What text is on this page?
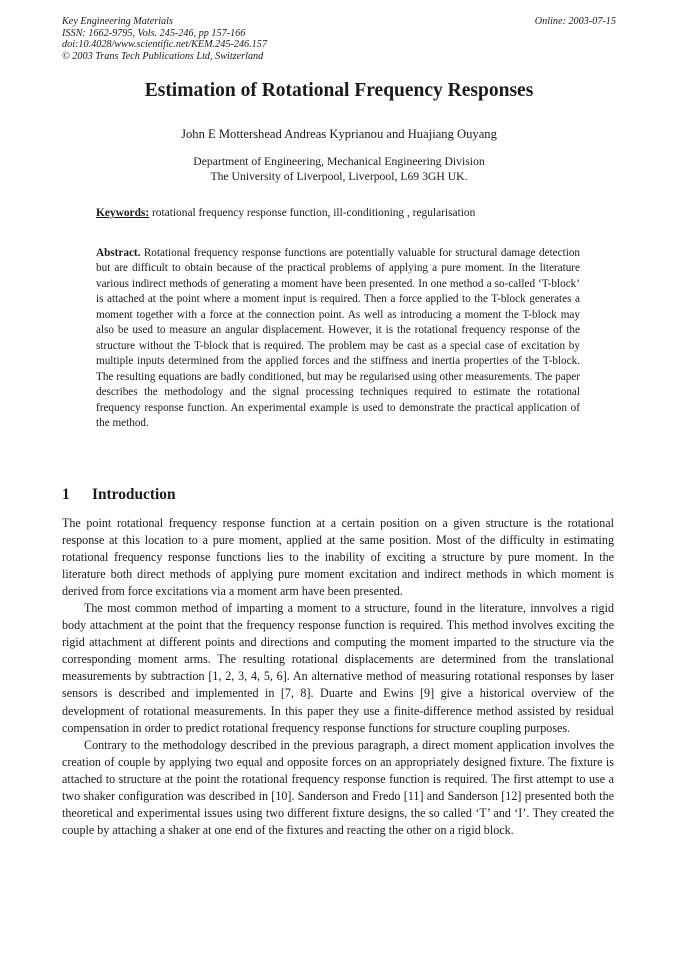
Key Engineering Materials
ISSN: 1662-9795, Vols. 245-246, pp 157-166
doi:10.4028/www.scientific.net/KEM.245-246.157
© 2003 Trans Tech Publications Ltd, Switzerland
Online: 2003-07-15
Estimation of Rotational Frequency Responses
John E Mottershead Andreas Kyprianou and Huajiang Ouyang
Department of Engineering, Mechanical Engineering Division
The University of Liverpool, Liverpool, L69 3GH UK.
Keywords: rotational frequency response function, ill-conditioning , regularisation
Abstract. Rotational frequency response functions are potentially valuable for structural damage detection but are difficult to obtain because of the practical problems of applying a pure moment. In the literature various indirect methods of generating a moment have been presented. In one method a so-called ‘T-block’ is attached at the point where a moment input is required. Then a force applied to the T-block generates a moment together with a force at the connection point. As well as introducing a moment the T-block may also be used to measure an angular displacement. However, it is the rotational frequency response of the structure without the T-block that is required. The problem may be cast as a special case of excitation by multiple inputs determined from the applied forces and the stiffness and inertia properties of the T-block. The resulting equations are badly conditioned, but may be regularised using other measurements. The paper describes the methodology and the signal processing techniques required to estimate the rotational frequency response function. An experimental example is used to demonstrate the practical application of the method.
1 Introduction

The point rotational frequency response function at a certain position on a given structure is the rotational response at this location to a pure moment, applied at the same position. Most of the difficulty in estimating rotational frequency response functions lies to the inability of exciting a structure by pure moment. In the literature both direct methods of applying pure moment excitation and indirect methods in which moment is derived from force excitations via a moment arm have been presented.

The most common method of imparting a moment to a structure, found in the literature, innvolves a rigid body attachment at the point that the frequency response function is required. This method involves exciting the rigid attachment at different points and directions and computing the moment imparted to the structure via the corresponding moment arms. The resulting rotational displacements are determined from the translational measurements by subtraction [1, 2, 3, 4, 5, 6]. An alternative method of measuring rotational responses by laser sensors is described and implemented in [7, 8]. Duarte and Ewins [9] give a historical overview of the development of rotational measurements. In this paper they use a finite-difference method assisted by residual compensation in order to predict rotational frequency response functions for structure coupling purposes.

Contrary to the methodology described in the previous paragraph, a direct moment application involves the creation of couple by applying two equal and opposite forces on an appropriately designed fixture. The fixture is attached to structure at the point the rotational frequency response function is required. The first attempt to use a two shaker configuration was described in [10]. Sanderson and Fredo [11] and Sanderson [12] presented both the theoretical and experimental issues using two different fixture designs, the so called ‘T’ and ‘I’. They created the couple by attaching a shaker at one end of the fixtures and reacting the other on a rigid block.
